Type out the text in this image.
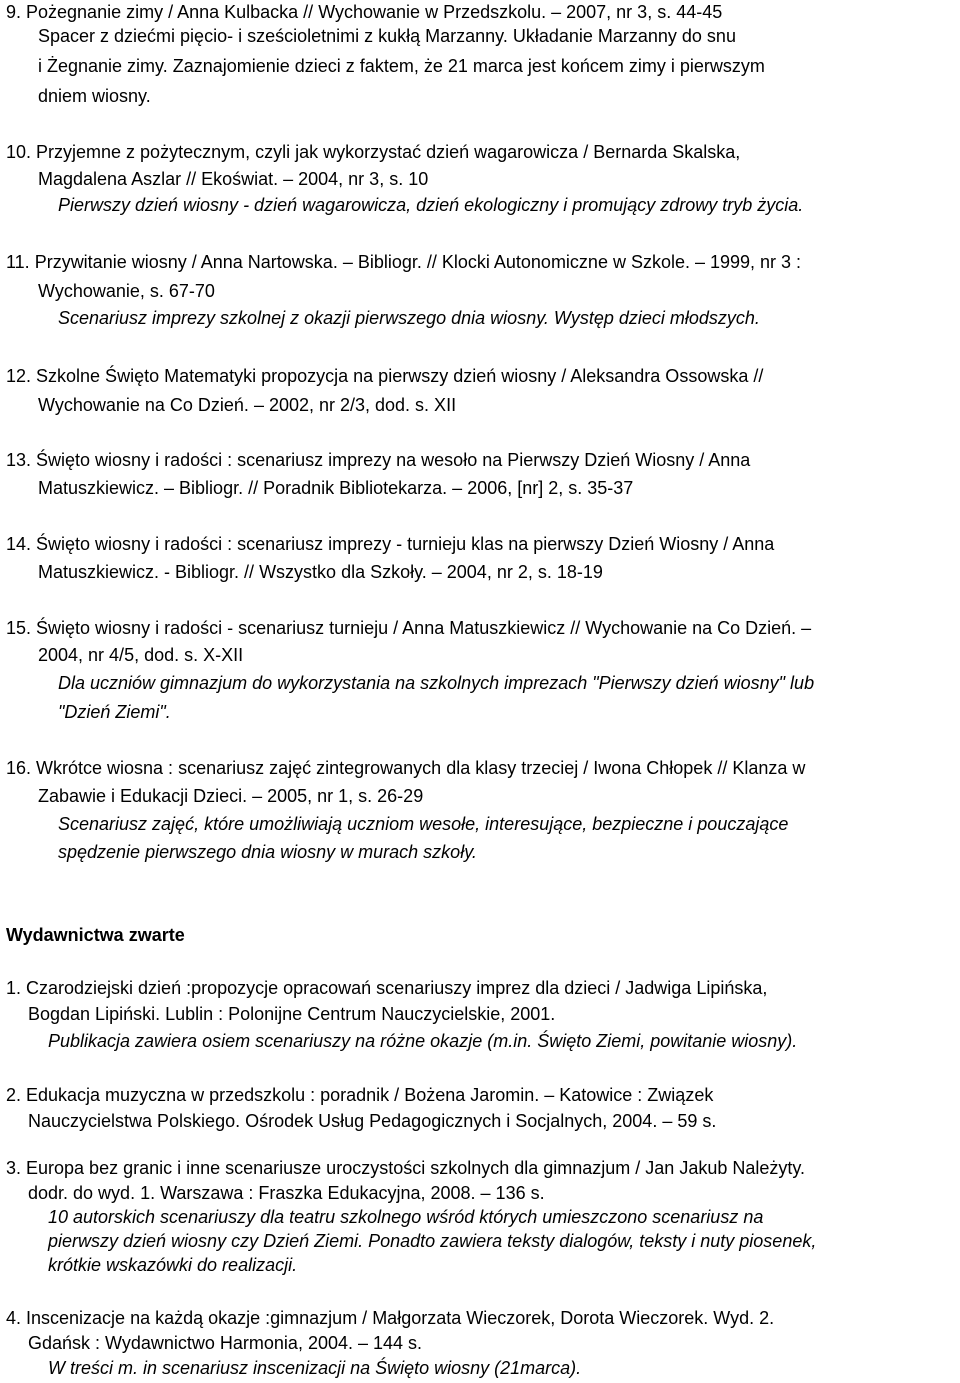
9. Pożegnanie zimy / Anna Kulbacka // Wychowanie w Przedszkolu. – 2007, nr 3, s. 44-45
Spacer z dziećmi pięcio- i sześcioletnimi z kukłą Marzanny. Układanie Marzanny do snu
i Żegnanie zimy. Zaznajomienie dzieci z faktem, że 21 marca jest końcem zimy i pierwszym
dniem wiosny.
10. Przyjemne z pożytecznym, czyli jak wykorzystać dzień wagarowicza / Bernarda Skalska,
Magdalena Aszlar // Ekoświat. – 2004, nr 3, s. 10
Pierwszy dzień wiosny - dzień wagarowicza, dzień ekologiczny i promujący zdrowy tryb życia.
11. Przywitanie wiosny / Anna Nartowska. – Bibliogr. // Klocki Autonomiczne w Szkole. – 1999, nr 3 :
Wychowanie, s. 67-70
Scenariusz imprezy szkolnej z okazji pierwszego dnia wiosny. Występ dzieci młodszych.
12. Szkolne Święto Matematyki propozycja na pierwszy dzień wiosny / Aleksandra Ossowska //
Wychowanie na Co Dzień. – 2002, nr 2/3, dod. s. XII
13. Święto wiosny i radości : scenariusz imprezy na wesoło na Pierwszy Dzień Wiosny / Anna
Matuszkiewicz. – Bibliogr. // Poradnik Bibliotekarza. – 2006, [nr] 2, s. 35-37
14. Święto wiosny i radości : scenariusz imprezy - turnieju klas na pierwszy Dzień Wiosny / Anna
Matuszkiewicz. - Bibliogr. // Wszystko dla Szkoły. – 2004, nr 2, s. 18-19
15. Święto wiosny i radości - scenariusz turnieju / Anna Matuszkiewicz // Wychowanie na Co Dzień. –
2004, nr 4/5, dod. s. X-XII
Dla uczniów gimnazjum do wykorzystania na szkolnych imprezach "Pierwszy dzień wiosny" lub
"Dzień Ziemi".
16. Wkrótce wiosna : scenariusz zajęć zintegrowanych dla klasy trzeciej / Iwona Chłopek // Klanza w
Zabawie i Edukacji Dzieci. – 2005, nr 1, s. 26-29
Scenariusz zajęć, które umożliwiają uczniom wesołe, interesujące, bezpieczne i pouczające
spędzenie pierwszego dnia wiosny w murach szkoły.
Wydawnictwa zwarte
1. Czarodziejski dzień :propozycje opracowań scenariuszy imprez dla dzieci / Jadwiga Lipińska,
Bogdan Lipiński. Lublin : Polonijne Centrum Nauczycielskie, 2001.
Publikacja zawiera osiem scenariuszy na różne okazje (m.in. Święto Ziemi, powitanie wiosny).
2. Edukacja muzyczna w przedszkolu : poradnik / Bożena Jaromin. – Katowice : Związek
Nauczycielstwa Polskiego. Ośrodek Usług Pedagogicznych i Socjalnych, 2004. – 59 s.
3. Europa bez granic i inne scenariusze uroczystości szkolnych dla gimnazjum / Jan Jakub Należyty.
dodr. do wyd. 1. Warszawa : Fraszka Edukacyjna, 2008. – 136 s.
10 autorskich scenariuszy dla teatru szkolnego wśród których umieszczono scenariusz na
pierwszy dzień wiosny czy Dzień Ziemi. Ponadto zawiera teksty dialogów, teksty i nuty piosenek,
krótkie wskazówki do realizacji.
4. Inscenizacje na każdą okazje :gimnazjum / Małgorzata Wieczorek, Dorota Wieczorek. Wyd. 2.
Gdańsk : Wydawnictwo Harmonia, 2004. – 144 s.
W treści m. in scenariusz inscenizacji na Święto wiosny (21marca).
